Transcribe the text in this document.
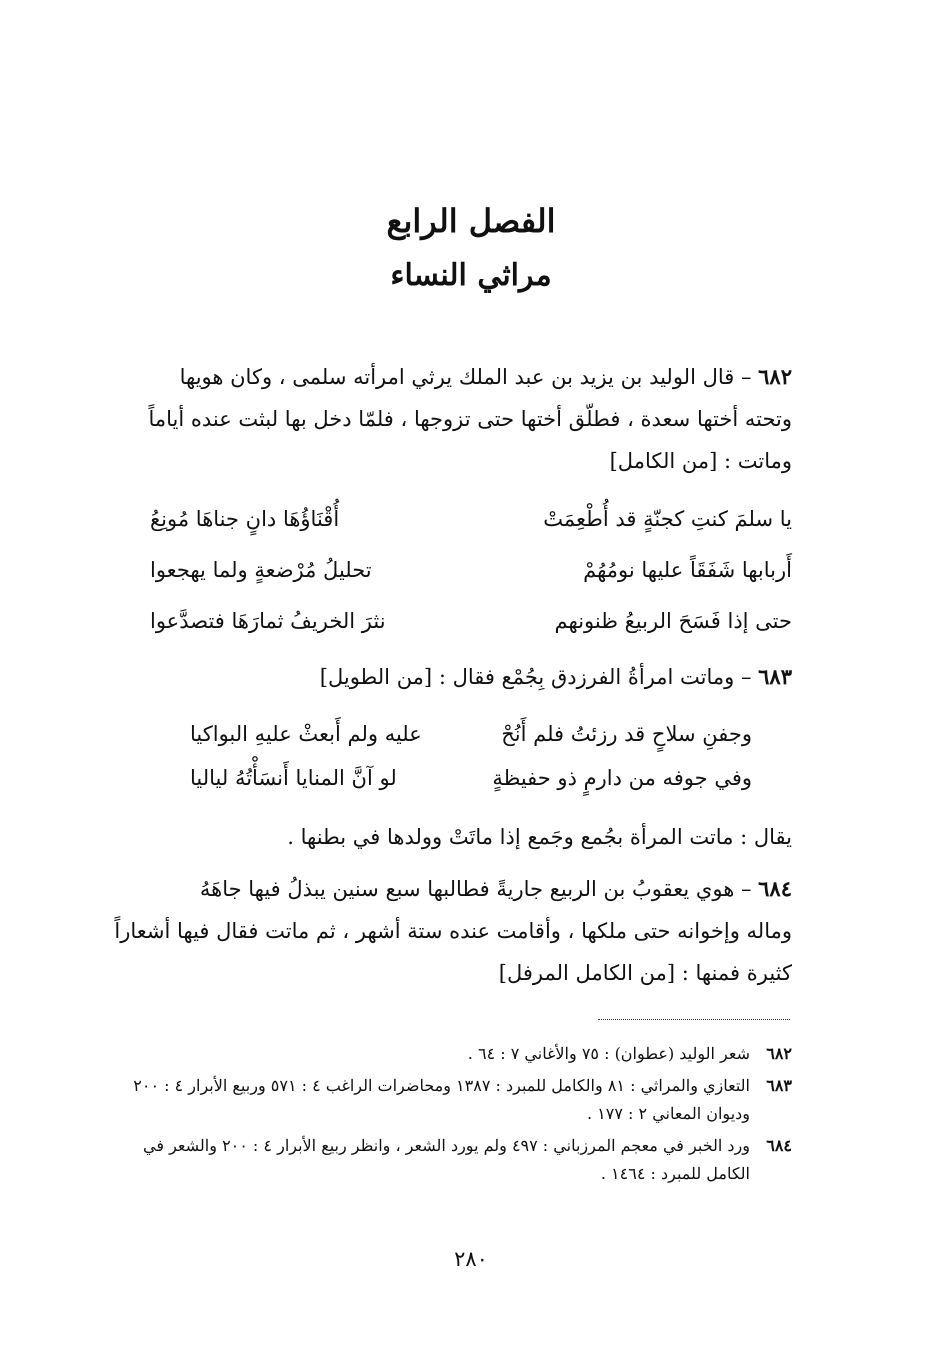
الفصل الرابع
مراثي النساء
٦٨٢ – قال الوليد بن يزيد بن عبد الملك يرثي امرأته سلمى ، وكان هويها
وتحته أختها سعدة ، فطلّق أختها حتى تزوجها ، فلمّا دخل بها لبثت عنده أياماً
وماتت : [من الكامل]
يا سلمَ كنتِ كجنّةٍ قد أُطْعِمَتْ
أُقْنَاؤُهَا دانٍ جناهَا مُونِعُ
أَربابها شَفَقَاً عليها نومُهُمْ
تحليلُ مُرْضعةٍ ولما يهجعوا
حتى إذا فَسَحَ الربيعُ ظنونهم
نثرَ الخريفُ ثمارَهَا فتصدَّعوا
٦٨٣ – وماتت امرأةُ الفرزدق بِجُمْع فقال : [من الطويل]
وجفنِ سلاحٍ قد رزئتُ فلم أَنُحْ
عليه ولم أَبعثْ عليهِ البواكيا
وفي جوفه من دارمٍ ذو حفيظةٍ
لو آنَّ المنايا أَنسَأْتُهُ لياليا
يقال : ماتت المرأة بجُمع وجَمع إذا ماتَتْ وولدها في بطنها .
٦٨٤ – هوي يعقوبُ بن الربيع جاريةً فطالبها سبع سنين يبذلُ فيها جاهَهُ
وماله وإخوانه حتى ملكها ، وأقامت عنده ستة أشهر ، ثم ماتت فقال فيها أشعاراً
كثيرة فمنها : [من الكامل المرفل]
٦٨٢
شعر الوليد (عطوان) : ٧٥ والأغاني ٧ : ٦٤ .
٦٨٣
التعازي والمراثي : ٨١ والكامل للمبرد : ١٣٨٧ ومحاضرات الراغب ٤ : ٥٧١ وربيع الأبرار ٤ : ٢٠٠ وديوان المعاني ٢ : ١٧٧ .
٦٨٤
ورد الخبر في معجم المرزباني : ٤٩٧ ولم يورد الشعر ، وانظر ربيع الأبرار ٤ : ٢٠٠ والشعر في الكامل للمبرد : ١٤٦٤ .
٢٨٠
